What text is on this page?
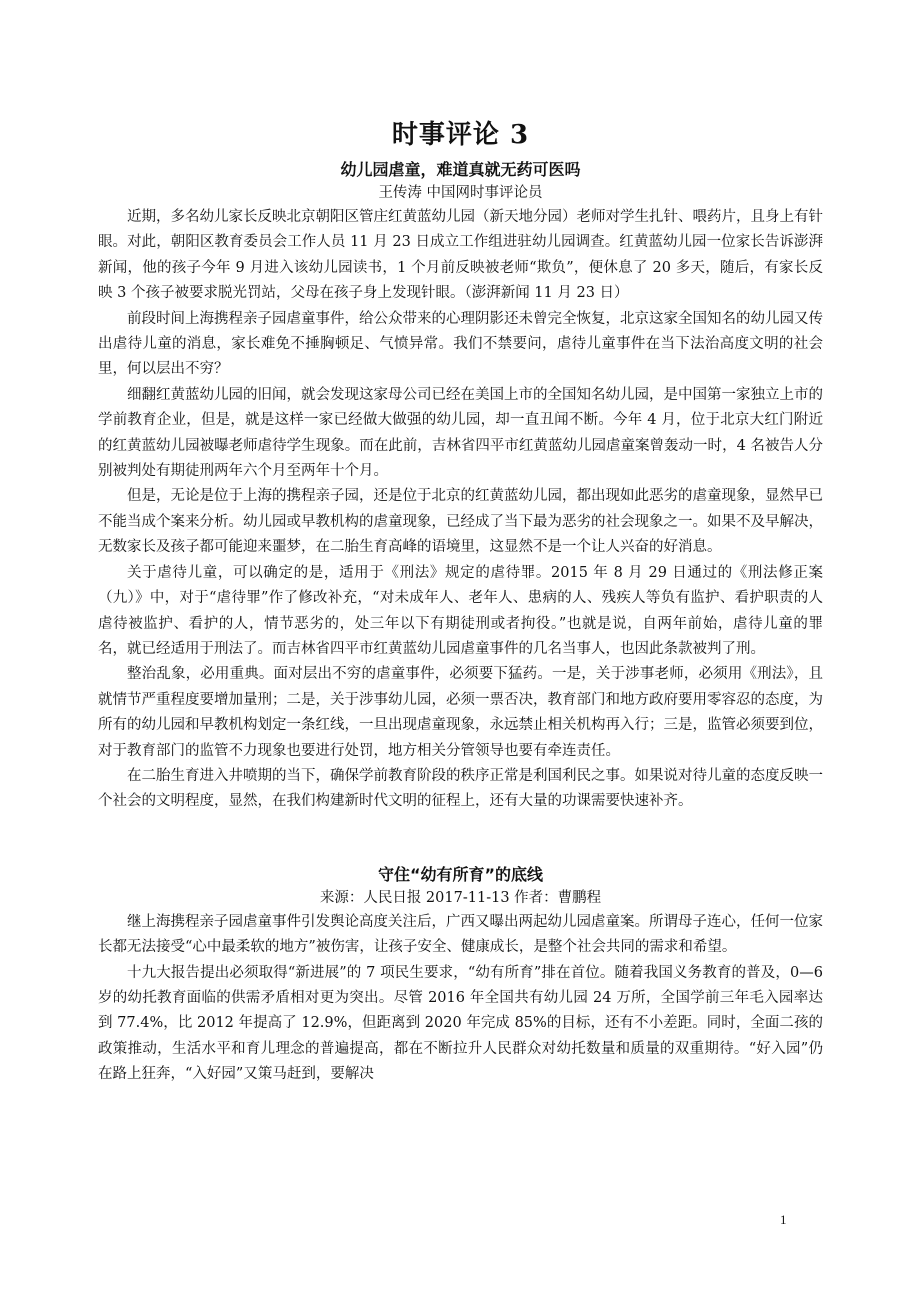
时事评论 3
幼儿园虐童，难道真就无药可医吗

王传涛 中国网时事评论员

近期，多名幼儿家长反映北京朝阳区管庄红黄蓝幼儿园（新天地分园）老师对学生扎针、喂药片，且身上有针眼。对此，朝阳区教育委员会工作人员 11 月 23 日成立工作组进驻幼儿园调查。红黄蓝幼儿园一位家长告诉澎湃新闻，他的孩子今年 9 月进入该幼儿园读书，1 个月前反映被老师“欺负”，便休息了 20 多天，随后，有家长反映 3 个孩子被要求脱光罚站，父母在孩子身上发现针眼。（澎湃新闻 11 月 23 日）

前段时间上海携程亲子园虐童事件，给公众带来的心理阴影还未曾完全恢复，北京这家全国知名的幼儿园又传出虐待儿童的消息，家长难免不捶胸顿足、气愤异常。我们不禁要问，虐待儿童事件在当下法治高度文明的社会里，何以层出不穷？

细翻红黄蓝幼儿园的旧闻，就会发现这家母公司已经在美国上市的全国知名幼儿园，是中国第一家独立上市的学前教育企业，但是，就是这样一家已经做大做强的幼儿园，却一直丑闻不断。今年 4 月，位于北京大红门附近的红黄蓝幼儿园被曝老师虐待学生现象。而在此前，吉林省四平市红黄蓝幼儿园虐童案曾轰动一时，4 名被告人分别被判处有期徒刑两年六个月至两年十个月。

但是，无论是位于上海的携程亲子园，还是位于北京的红黄蓝幼儿园，都出现如此恶劣的虐童现象，显然早已不能当成个案来分析。幼儿园或早教机构的虐童现象，已经成了当下最为恶劣的社会现象之一。如果不及早解决，无数家长及孩子都可能迎来噩梦，在二胎生育高峰的语境里，这显然不是一个让人兴奋的好消息。

关于虐待儿童，可以确定的是，适用于《刑法》规定的虐待罪。2015 年 8 月 29 日通过的《刑法修正案（九）》中，对于“虐待罪”作了修改补充，“对未成年人、老年人、患病的人、残疾人等负有监护、看护职责的人虐待被监护、看护的人，情节恶劣的，处三年以下有期徒刑或者拘役。”也就是说，自两年前始，虐待儿童的罪名，就已经适用于刑法了。而吉林省四平市红黄蓝幼儿园虐童事件的几名当事人，也因此条款被判了刑。

整治乱象，必用重典。面对层出不穷的虐童事件，必须要下猛药。一是，关于涉事老师，必须用《刑法》，且就情节严重程度要增加量刑；二是，关于涉事幼儿园，必须一票否决，教育部门和地方政府要用零容忍的态度，为所有的幼儿园和早教机构划定一条红线，一旦出现虐童现象，永远禁止相关机构再入行；三是，监管必须要到位，对于教育部门的监管不力现象也要进行处罚，地方相关分管领导也要有牵连责任。

在二胎生育进入井喷期的当下，确保学前教育阶段的秩序正常是利国利民之事。如果说对待儿童的态度反映一个社会的文明程度，显然，在我们构建新时代文明的征程上，还有大量的功课需要快速补齐。

守住“幼有所育”的底线

来源：人民日报 2017-11-13 作者：曹鹏程

继上海携程亲子园虐童事件引发舆论高度关注后，广西又曝出两起幼儿园虐童案。所谓母子连心，任何一位家长都无法接受“心中最柔软的地方”被伤害，让孩子安全、健康成长，是整个社会共同的需求和希望。

十九大报告提出必须取得“新进展”的 7 项民生要求，“幼有所育”排在首位。随着我国义务教育的普及，0—6 岁的幼托教育面临的供需矛盾相对更为突出。尽管 2016 年全国共有幼儿园 24 万所，全国学前三年毛入园率达到 77.4%，比 2012 年提高了 12.9%，但距离到 2020 年完成 85%的目标，还有不小差距。同时，全面二孩的政策推动，生活水平和育儿理念的普遍提高，都在不断拉升人民群众对幼托数量和质量的双重期待。“好入园”仍在路上狂奔，“入好园”又策马赶到，要解决

1
